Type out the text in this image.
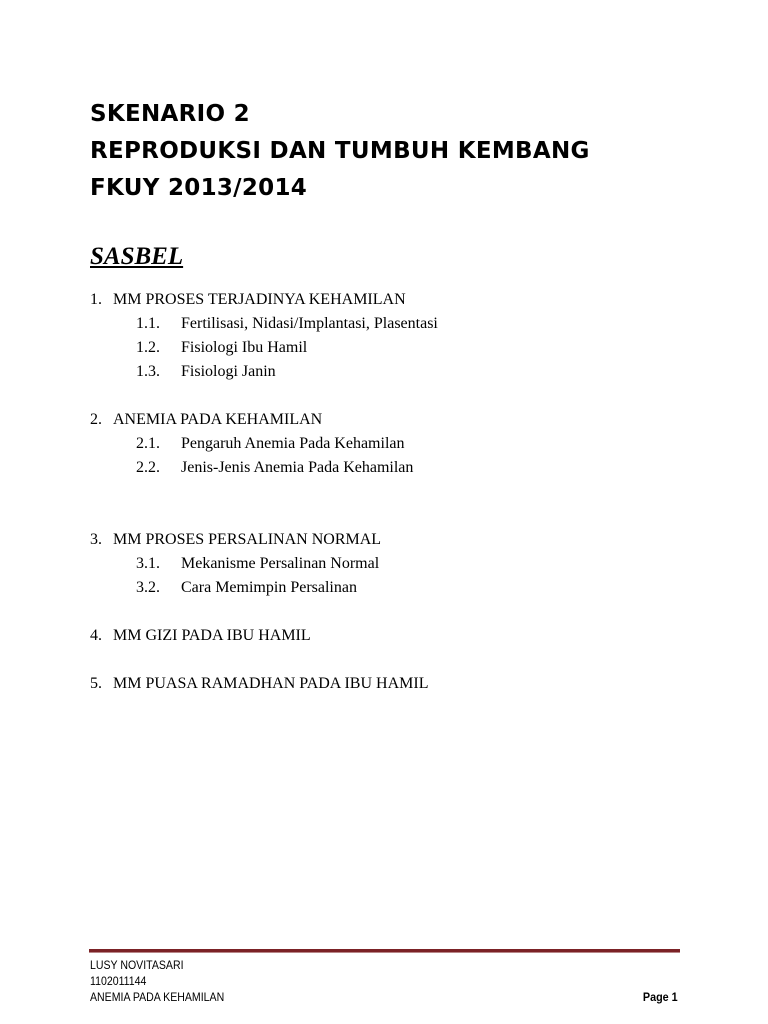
SKENARIO 2
REPRODUKSI DAN TUMBUH KEMBANG
FKUY 2013/2014
SASBEL
1. MM PROSES TERJADINYA KEHAMILAN
1.1. Fertilisasi, Nidasi/Implantasi, Plasentasi
1.2. Fisiologi Ibu Hamil
1.3. Fisiologi Janin
2. ANEMIA PADA KEHAMILAN
2.1. Pengaruh Anemia Pada Kehamilan
2.2. Jenis-Jenis Anemia Pada Kehamilan
3. MM PROSES PERSALINAN NORMAL
3.1. Mekanisme Persalinan Normal
3.2. Cara Memimpin Persalinan
4. MM GIZI PADA IBU HAMIL
5. MM PUASA RAMADHAN PADA IBU HAMIL
LUSY NOVITASARI
1102011144
ANEMIA PADA KEHAMILAN	Page 1
